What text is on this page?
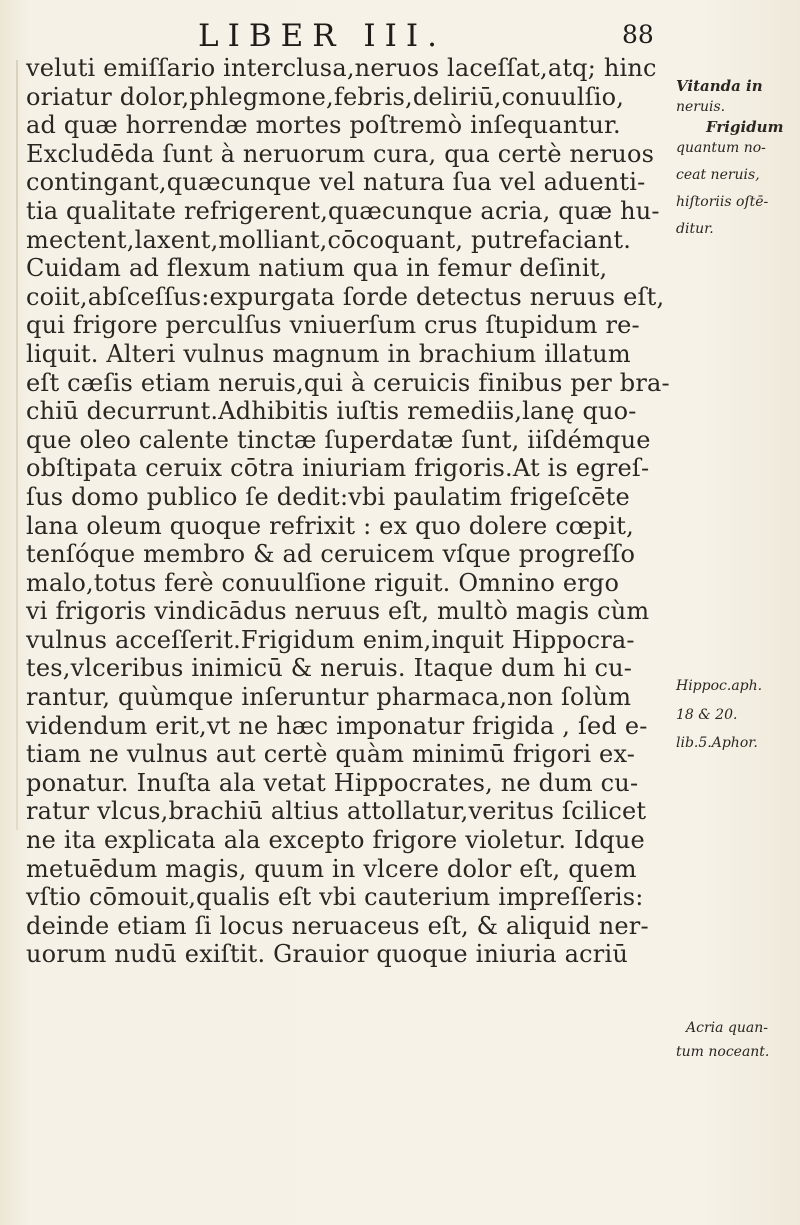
LIBER III.	88
veluti emiſſario interclusa,neruos laceſſat,atq; hinc
oriatur dolor,phlegmone,febris,deliriū,conuulſio,
ad quæ horrendæ mortes poſtremò inſequantur.
Excludēda ſunt à neruorum cura, qua certè neruos
contingant,quæcunque vel natura ſua vel aduenti-
tia qualitate refrigerent,quæcunque acria, quæ hu-
mectent,laxent,molliant,cōcoquant, putrefaciant.
Cuidam ad flexum natium qua in femur deſinit,
coiit,abſceſſus:expurgata ſorde detectus neruus eſt,
qui frigore perculſus vniuerſum crus ſtupidum re-
liquit. Alteri vulnus magnum in brachium illatum
eſt cæſis etiam neruis,qui à ceruicis finibus per bra-
chiū decurrunt.Adhibitis iuſtis remediis,lanę quo-
que oleo calente tinctæ ſuperdatæ ſunt, iiſdémque
obſtipata ceruix cōtra iniuriam frigoris.At is egreſ-
ſus domo publico ſe dedit:vbi paulatim frigeſcēte
lana oleum quoque refrixit : ex quo dolere cœpit,
tenſóque membro & ad ceruicem vſque progreſſo
malo,totus ferè conuulſione riguit. Omnino ergo
vi frigoris vindicādus neruus eſt, multò magis cùm
vulnus acceſſerit.Frigidum enim,inquit Hippocra-
tes,vlceribus inimicū & neruis. Itaque dum hi cu-
rantur, quùmque inſeruntur pharmaca,non ſolùm
videndum erit,vt ne hæc imponatur frigida , ſed e-
tiam ne vulnus aut certè quàm minimū frigori ex-
ponatur. Inuſta ala vetat Hippocrates, ne dum cu-
ratur vlcus,brachiū altius attollatur,veritus ſcilicet
ne ita explicata ala excepto frigore violetur. Idque
metuēdum magis, quum in vlcere dolor eſt, quem
vſtio cōmouit,qualis eſt vbi cauterium impreſſeris:
deinde etiam ſi locus neruaceus eſt, & aliquid ner-
uorum nudū exiſtit. Grauior quoque iniuria acriū
Vitanda in
neruis.
Frigidum
quantum no-
ceat neruis,
hiſtoriis oſtē-
ditur.
Hippoc.aph.
18 & 20.
lib.5.Aphor.
Acria quan-
tum noceant.
